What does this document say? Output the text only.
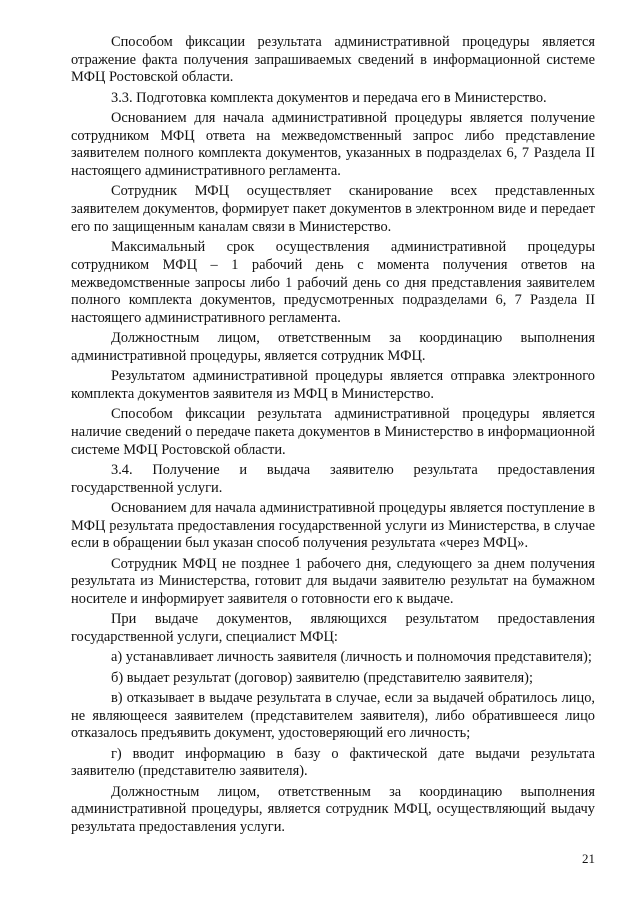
Способом фиксации результата административной процедуры является отражение факта получения запрашиваемых сведений в информационной системе МФЦ Ростовской области.

3.3. Подготовка комплекта документов и передача его в Министерство.

Основанием для начала административной процедуры является получение сотрудником МФЦ ответа на межведомственный запрос либо представление заявителем полного комплекта документов, указанных в подразделах 6, 7 Раздела II настоящего административного регламента.

Сотрудник МФЦ осуществляет сканирование всех представленных заявителем документов, формирует пакет документов в электронном виде и передает его по защищенным каналам связи в Министерство.

Максимальный срок осуществления административной процедуры сотрудником МФЦ – 1 рабочий день с момента получения ответов на межведомственные запросы либо 1 рабочий день со дня представления заявителем полного комплекта документов, предусмотренных подразделами 6, 7 Раздела II настоящего административного регламента.

Должностным лицом, ответственным за координацию выполнения административной процедуры, является сотрудник МФЦ.

Результатом административной процедуры является отправка электронного комплекта документов заявителя из МФЦ в Министерство.

Способом фиксации результата административной процедуры является наличие сведений о передаче пакета документов в Министерство в информационной системе МФЦ Ростовской области.

3.4. Получение и выдача заявителю результата предоставления государственной услуги.

Основанием для начала административной процедуры является поступление в МФЦ результата предоставления государственной услуги из Министерства, в случае если в обращении был указан способ получения результата «через МФЦ».

Сотрудник МФЦ не позднее 1 рабочего дня, следующего за днем получения результата из Министерства, готовит для выдачи заявителю результат на бумажном носителе и информирует заявителя о готовности его к выдаче.

При выдаче документов, являющихся результатом предоставления государственной услуги, специалист МФЦ:

а) устанавливает личность заявителя (личность и полномочия представителя);

б) выдает результат (договор) заявителю (представителю заявителя);

в) отказывает в выдаче результата в случае, если за выдачей обратилось лицо, не являющееся заявителем (представителем заявителя), либо обратившееся лицо отказалось предъявить документ, удостоверяющий его личность;

г) вводит информацию в базу о фактической дате выдачи результата заявителю (представителю заявителя).

Должностным лицом, ответственным за координацию выполнения административной процедуры, является сотрудник МФЦ, осуществляющий выдачу результата предоставления услуги.

21
